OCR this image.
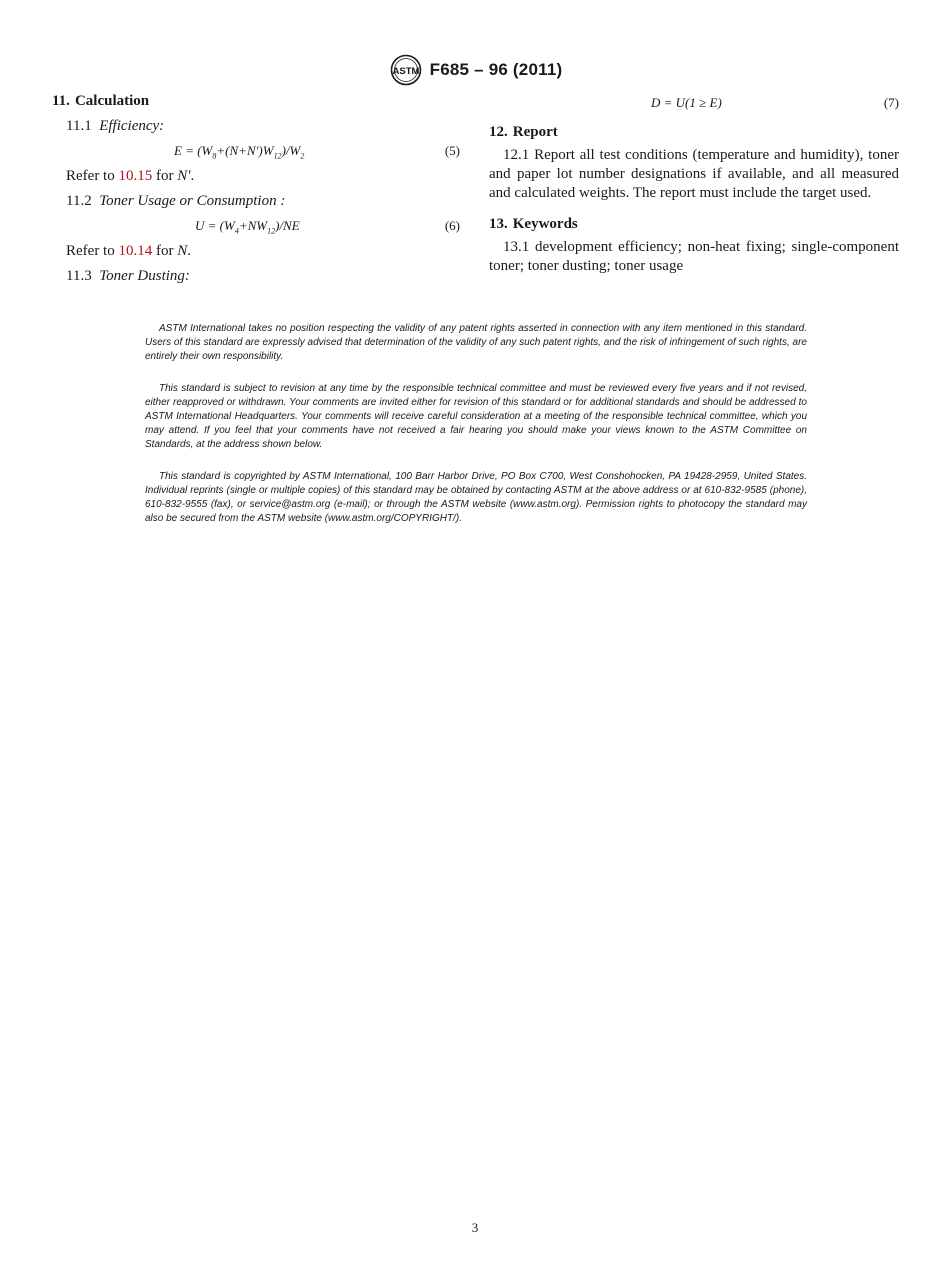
ASTM F685 – 96 (2011)

11. Calculation

11.1 Efficiency:

$E = (W_8+(N+N')W_{12})/W_2$	(5)

Refer to 10.15 for N′.

11.2 Toner Usage or Consumption :

$U = (W_4+NW_{12})/NE$	(6)

Refer to 10.14 for N.

11.3 Toner Dusting:

D = U(1 ≥ E)	(7)

12. Report

12.1 Report all test conditions (temperature and humidity), toner and paper lot number designations if available, and all measured and calculated weights. The report must include the target used.

13. Keywords

13.1 development efficiency; non-heat fixing; single-component toner; toner dusting; toner usage

ASTM International takes no position respecting the validity of any patent rights asserted in connection with any item mentioned in this standard. Users of this standard are expressly advised that determination of the validity of any such patent rights, and the risk of infringement of such rights, are entirely their own responsibility.

This standard is subject to revision at any time by the responsible technical committee and must be reviewed every five years and if not revised, either reapproved or withdrawn. Your comments are invited either for revision of this standard or for additional standards and should be addressed to ASTM International Headquarters. Your comments will receive careful consideration at a meeting of the responsible technical committee, which you may attend. If you feel that your comments have not received a fair hearing you should make your views known to the ASTM Committee on Standards, at the address shown below.

This standard is copyrighted by ASTM International, 100 Barr Harbor Drive, PO Box C700, West Conshohocken, PA 19428-2959, United States. Individual reprints (single or multiple copies) of this standard may be obtained by contacting ASTM at the above address or at 610-832-9585 (phone), 610-832-9555 (fax), or service@astm.org (e-mail); or through the ASTM website (www.astm.org). Permission rights to photocopy the standard may also be secured from the ASTM website (www.astm.org/COPYRIGHT/).

3
